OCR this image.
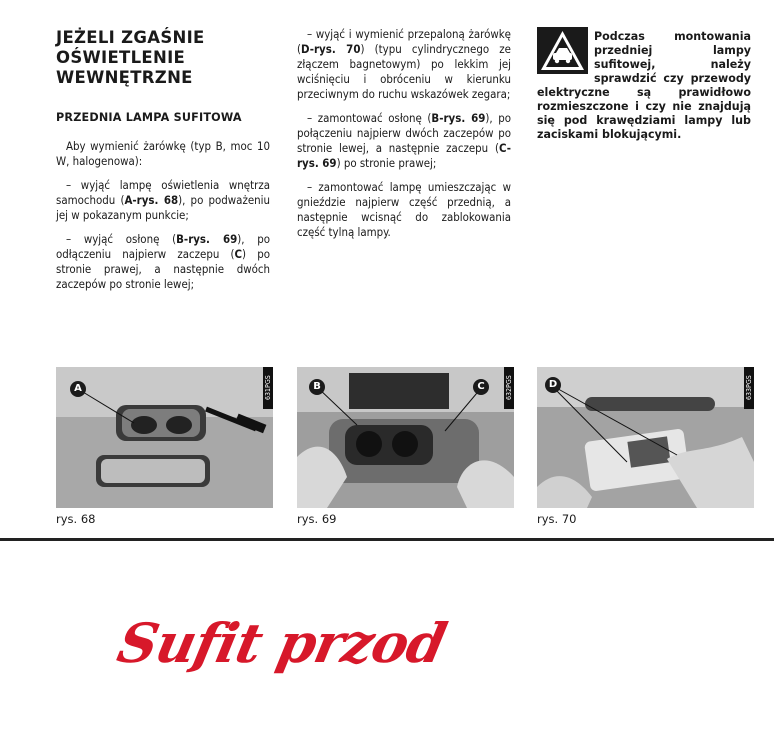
JEŻELI ZGAŚNIE OŚWIETLENIE WEWNĘTRZNE
PRZEDNIA LAMPA SUFITOWA

Aby wymienić żarówkę (typ B, moc 10 W, halogenowa):

– wyjąć lampę oświetlenia wnętrza samochodu (A-rys. 68), po podważeniu jej w pokazanym punkcie;

– wyjąć osłonę (B-rys. 69), po odłączeniu najpierw zaczepu (C) po stronie prawej, a następnie dwóch zaczepów po stronie lewej;

– wyjąć i wymienić przepaloną żarówkę (D-rys. 70) (typu cylindrycznego ze złączem bagnetowym) po lekkim jej wciśnięciu i obróceniu w kierunku przeciwnym do ruchu wskazówek zegara;

– zamontować osłonę (B-rys. 69), po połączeniu najpierw dwóch zaczepów po stronie lewej, a następnie zaczepu (C-rys. 69) po stronie prawej;

– zamontować lampę umieszczając w gnieździe najpierw część przednią, a następnie wcisnąć do zablokowania część tylną lampy.

Podczas montowania przedniej lampy sufitowej, należy sprawdzić czy przewody elektryczne są prawidłowo rozmieszczone i czy nie znajdują się pod krawędziami lampy lub zaciskami blokującymi.

A	631PGS
rys. 68
B	C	632PGS
rys. 69
D	633PGS
rys. 70
Sufit przod
